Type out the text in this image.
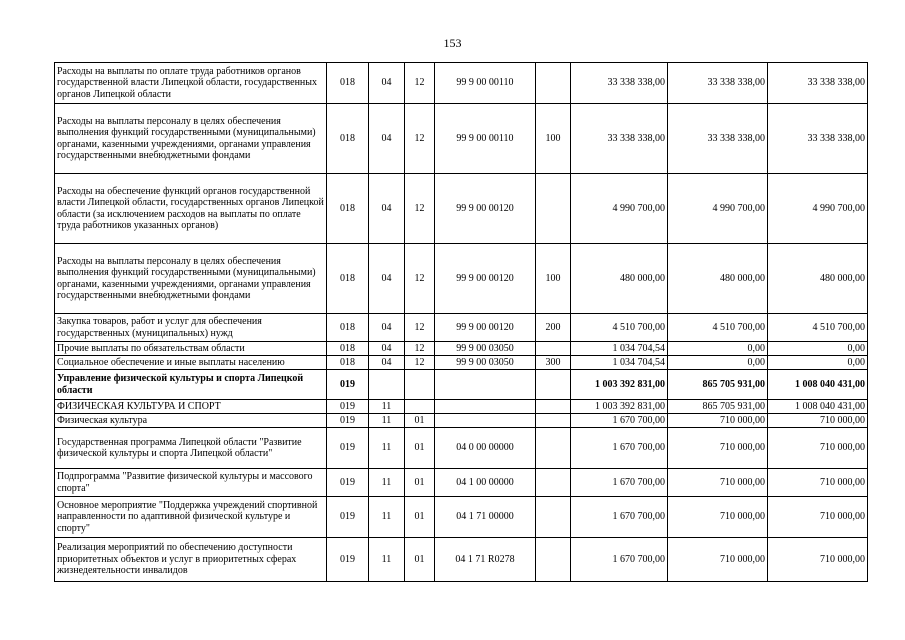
153
Расходы на выплаты по оплате труда работников органов государственной власти Липецкой области, государственных органов Липецкой области	018	04	12	99 9 00 00110		33 338 338,00	33 338 338,00	33 338 338,00
Расходы на выплаты персоналу в целях обеспечения выполнения функций государственными (муниципальными) органами, казенными учреждениями, органами управления государственными внебюджетными фондами	018	04	12	99 9 00 00110	100	33 338 338,00	33 338 338,00	33 338 338,00
Расходы на обеспечение функций органов государственной власти Липецкой области, государственных органов Липецкой области (за исключением расходов на выплаты по оплате труда работников указанных органов)	018	04	12	99 9 00 00120		4 990 700,00	4 990 700,00	4 990 700,00
Расходы на выплаты персоналу в целях обеспечения выполнения функций государственными (муниципальными) органами, казенными учреждениями, органами управления государственными внебюджетными фондами	018	04	12	99 9 00 00120	100	480 000,00	480 000,00	480 000,00
Закупка товаров, работ и услуг для обеспечения государственных (муниципальных) нужд	018	04	12	99 9 00 00120	200	4 510 700,00	4 510 700,00	4 510 700,00
Прочие выплаты по обязательствам области	018	04	12	99 9 00 03050		1 034 704,54	0,00	0,00
Социальное обеспечение и иные выплаты населению	018	04	12	99 9 00 03050	300	1 034 704,54	0,00	0,00
Управление физической культуры и спорта Липецкой области	019					1 003 392 831,00	865 705 931,00	1 008 040 431,00
ФИЗИЧЕСКАЯ КУЛЬТУРА И СПОРТ	019	11				1 003 392 831,00	865 705 931,00	1 008 040 431,00
Физическая культура	019	11	01			1 670 700,00	710 000,00	710 000,00
Государственная программа Липецкой области "Развитие физической культуры и спорта Липецкой области"	019	11	01	04 0 00 00000		1 670 700,00	710 000,00	710 000,00
Подпрограмма "Развитие физической культуры и массового спорта"	019	11	01	04 1 00 00000		1 670 700,00	710 000,00	710 000,00
Основное мероприятие "Поддержка учреждений спортивной направленности по адаптивной физической культуре и спорту"	019	11	01	04 1 71 00000		1 670 700,00	710 000,00	710 000,00
Реализация мероприятий по обеспечению доступности приоритетных объектов и услуг в приоритетных сферах жизнедеятельности инвалидов	019	11	01	04 1 71 R0278		1 670 700,00	710 000,00	710 000,00
